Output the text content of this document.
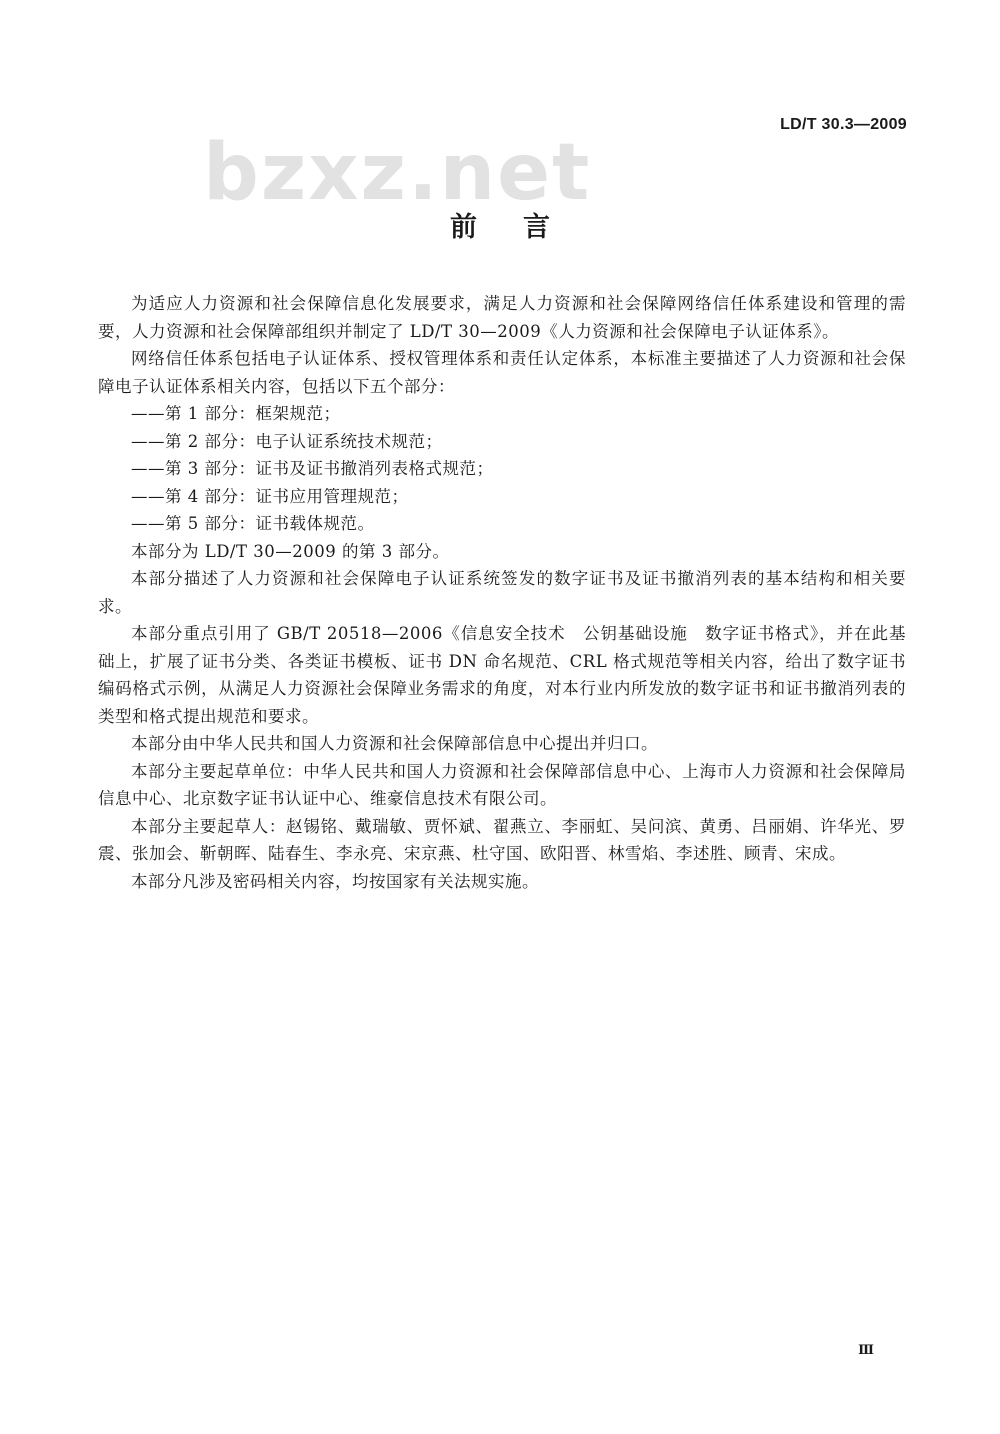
LD/T 30.3—2009
bzxz.net
前言

为适应人力资源和社会保障信息化发展要求，满足人力资源和社会保障网络信任体系建设和管理的需要，人力资源和社会保障部组织并制定了 LD/T 30—2009《人力资源和社会保障电子认证体系》。

网络信任体系包括电子认证体系、授权管理体系和责任认定体系，本标准主要描述了人力资源和社会保障电子认证体系相关内容，包括以下五个部分：

——第 1 部分：框架规范；

——第 2 部分：电子认证系统技术规范；

——第 3 部分：证书及证书撤消列表格式规范；

——第 4 部分：证书应用管理规范；

——第 5 部分：证书载体规范。

本部分为 LD/T 30—2009 的第 3 部分。

本部分描述了人力资源和社会保障电子认证系统签发的数字证书及证书撤消列表的基本结构和相关要求。

本部分重点引用了 GB/T 20518—2006《信息安全技术　公钥基础设施　数字证书格式》，并在此基础上，扩展了证书分类、各类证书模板、证书 DN 命名规范、CRL 格式规范等相关内容，给出了数字证书编码格式示例，从满足人力资源社会保障业务需求的角度，对本行业内所发放的数字证书和证书撤消列表的类型和格式提出规范和要求。

本部分由中华人民共和国人力资源和社会保障部信息中心提出并归口。

本部分主要起草单位：中华人民共和国人力资源和社会保障部信息中心、上海市人力资源和社会保障局信息中心、北京数字证书认证中心、维豪信息技术有限公司。

本部分主要起草人：赵锡铭、戴瑞敏、贾怀斌、翟燕立、李丽虹、吴问滨、黄勇、吕丽娟、许华光、罗震、张加会、靳朝晖、陆春生、李永亮、宋京燕、杜守国、欧阳晋、林雪焰、李述胜、顾青、宋成。

本部分凡涉及密码相关内容，均按国家有关法规实施。

Ⅲ
